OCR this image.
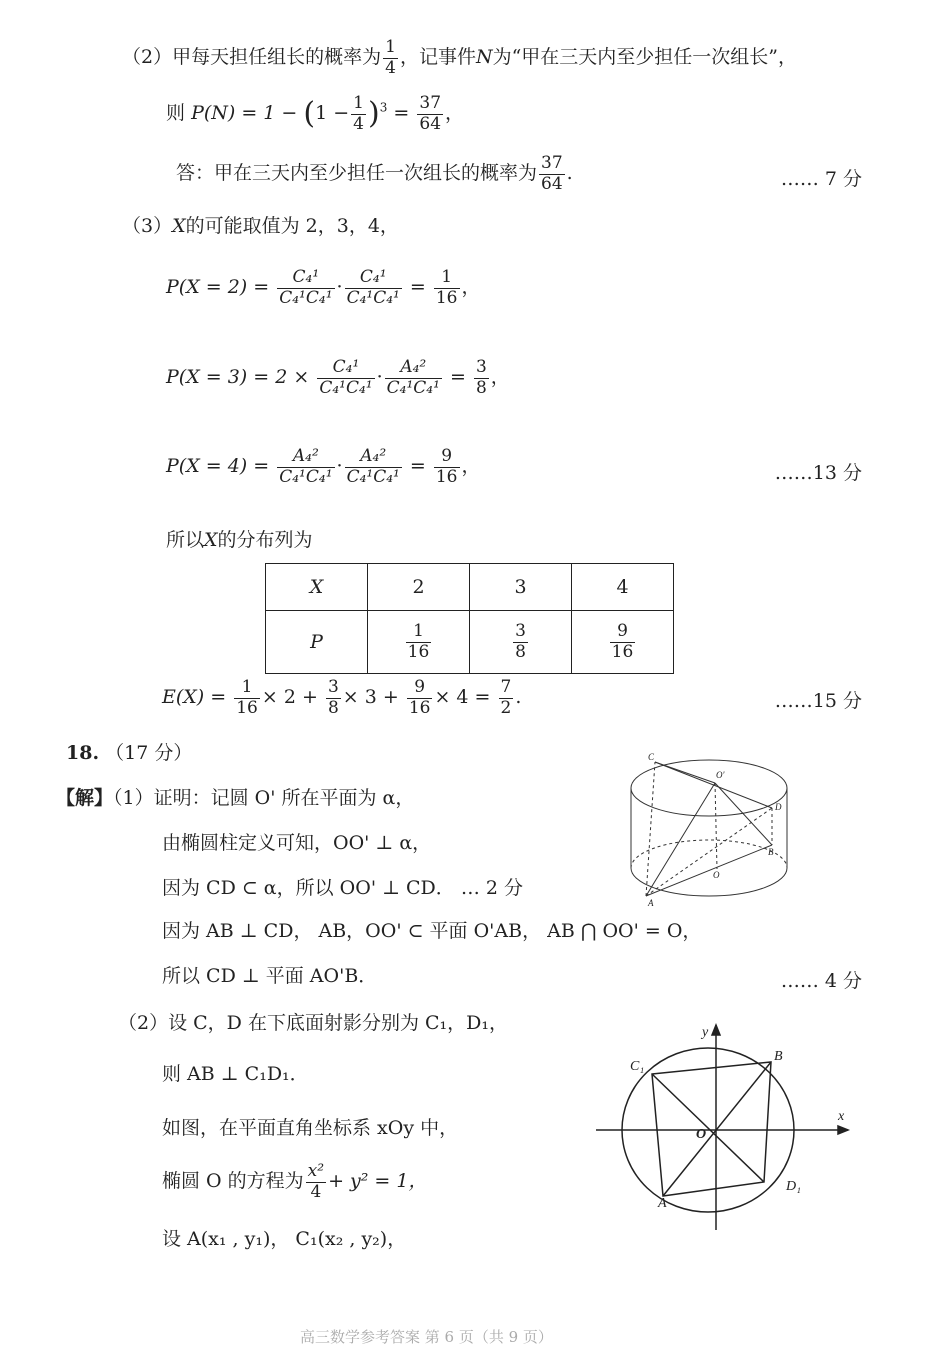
（2）甲每天担任组长的概率为 $\frac{1}{4}$ ，记事件N为“甲在三天内至少担任一次组长”，
则 $P(N) = 1 - (1 - \frac{1}{4} )^3 = \frac{37}{64}$ ，
答：甲在三天内至少担任一次组长的概率为 $\frac{37}{64}$ .	…… 7 分
（3）X的可能取值为 2，3，4，
$P(X = 2) = \frac{\text{C₄¹}}{\text{C₄¹C₄¹}} \cdot \frac{\text{C₄¹}}{\text{C₄¹C₄¹}} = \frac{1}{16}$ ，
$P(X = 3) = 2 \times \frac{\text{C₄¹}}{\text{C₄¹C₄¹}} \cdot \frac{\text{A₄²}}{\text{C₄¹C₄¹}} = \frac{3}{8}$ ，
$P(X = 4) = \frac{\text{A₄²}}{\text{C₄¹C₄¹}} \cdot \frac{\text{A₄²}}{\text{C₄¹C₄¹}} = \frac{9}{16}$ ，	……13 分
所以X的分布列为
X	2	3	4
P	$\frac{1}{16}$	$\frac{3}{8}$	$\frac{9}{16}$
$E(X) = \frac{1}{16} \times 2 + \frac{3}{8} \times 3 + \frac{9}{16} \times 4 = \frac{7}{2}$ .	……15 分
18. （17 分）
【解】（1）证明：记圆 O' 所在平面为 α，
由椭圆柱定义可知，OO' ⊥ α，
因为 CD ⊂ α，所以 OO' ⊥ CD． … 2 分
因为 AB ⊥ CD， AB，OO' ⊂ 平面 O'AB， AB ⋂ OO' = O，
所以 CD ⊥ 平面 AO'B．	…… 4 分
C
O'
D
B
O
A
（2）设 C，D 在下底面射影分别为 C₁，D₁，
则 AB ⊥ C₁D₁．
如图，在平面直角坐标系 xOy 中，
椭圆 O 的方程为 $\frac{\text{x²}}{4} + y^2 = 1$，
设 A(x₁ , y₁)， C₁(x₂ , y₂)，
y
x
C₁
B
O
A
D₁
高三数学参考答案 第 6 页（共 9 页）
